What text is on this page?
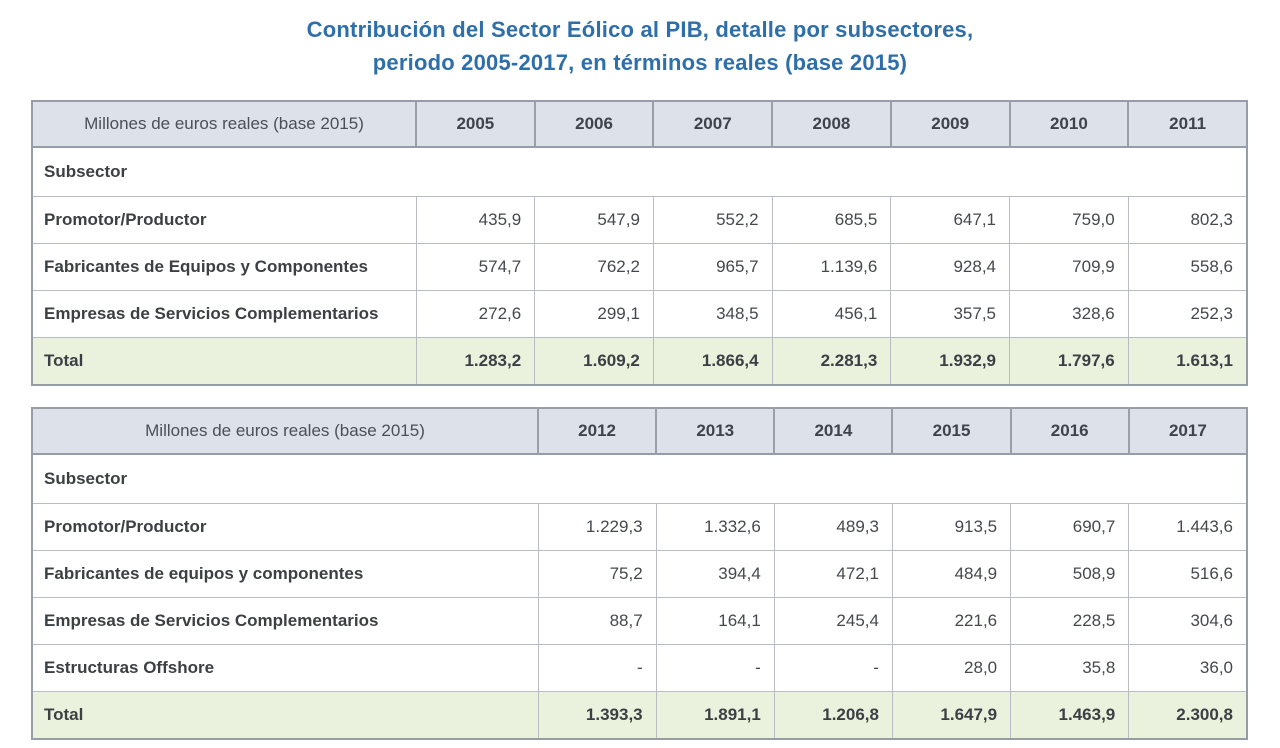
Contribución del Sector Eólico al PIB, detalle por subsectores,
periodo 2005-2017, en términos reales (base 2015)
Millones de euros reales (base 2015)	2005	2006	2007	2008	2009	2010	2011
Subsector							
Promotor/Productor	435,9	547,9	552,2	685,5	647,1	759,0	802,3
Fabricantes de Equipos y Componentes	574,7	762,2	965,7	1.139,6	928,4	709,9	558,6
Empresas de Servicios Complementarios	272,6	299,1	348,5	456,1	357,5	328,6	252,3
Total	1.283,2	1.609,2	1.866,4	2.281,3	1.932,9	1.797,6	1.613,1
Millones de euros reales (base 2015)	2012	2013	2014	2015	2016	2017
Subsector						
Promotor/Productor	1.229,3	1.332,6	489,3	913,5	690,7	1.443,6
Fabricantes de equipos y componentes	75,2	394,4	472,1	484,9	508,9	516,6
Empresas de Servicios Complementarios	88,7	164,1	245,4	221,6	228,5	304,6
Estructuras Offshore	-	-	-	28,0	35,8	36,0
Total	1.393,3	1.891,1	1.206,8	1.647,9	1.463,9	2.300,8
